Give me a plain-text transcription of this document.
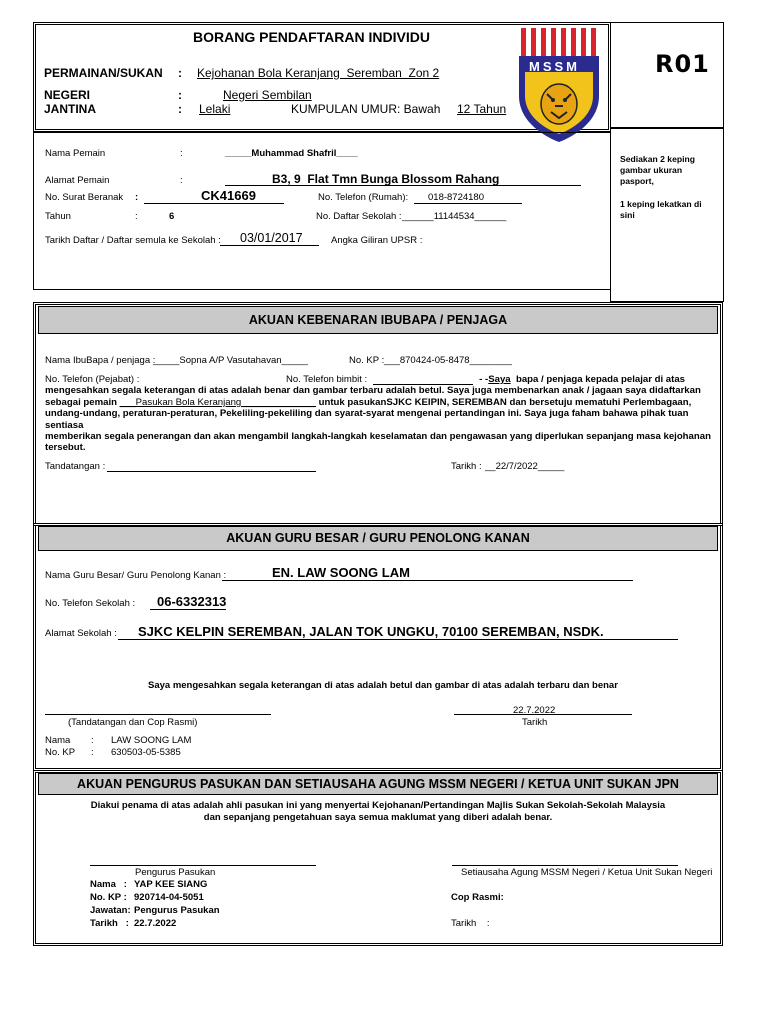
R01
BORANG PENDAFTARAN INDIVIDU
PERMAINAN/SUKAN : Kejohanan Bola Keranjang  Seremban  Zon 2
NEGERI	:	Negeri Sembilan
JANTINA	: Lelaki	KUMPULAN UMUR: Bawah 12 Tahun
MSSM
Sediakan 2 keping gambar ukuran pasport,
1 keping lekatkan di sini
Nama Pemain	:	_____Muhammad Shafril____
Alamat Pemain	:	B3, 9  Flat Tmn Bunga Blossom Rahang
No. Surat Beranak :	CK41669	No. Telefon (Rumah): 018-8724180
Tahun	:	6	No. Daftar Sekolah : ______11144534______
Tarikh Daftar / Daftar semula ke Sekolah : 03/01/2017	Angka Giliran UPSR :
AKUAN KEBENARAN IBUBAPA / PENJAGA
Nama IbuBapa / penjaga :
_____Sopna A/P Vasutahavan_____	No. KP : ___870424-05-8478________
No. Telefon (Pejabat) :	No. Telefon bimbit :	- -Saya  bapa / penjaga kepada pelajar di atas

mengesahkan segala keterangan di atas adalah benar dan gambar terbaru adalah betul. Saya juga membenarkan anak / jagaan saya didaftarkan

sebagai pemain ___Pasukan Bola Keranjang______________ untuk pasukanSJKC KEIPIN, SEREMBAN dan bersetuju mematuhi Perlembagaan,

undang-undang, peraturan-peraturan, Pekeliling-pekeliling dan syarat-syarat mengenai pertandingan ini. Saya juga faham bahawa pihak tuan sentiasa

memberikan segala penerangan dan akan mengambil langkah-langkah keselamatan dan pengawasan yang diperlukan sepanjang masa kejohanan

tersebut.

Tandatangan :	Tarikh : __22/7/2022_____
AKUAN GURU BESAR / GURU PENOLONG KANAN
Nama Guru Besar/ Guru Penolong Kanan :	EN. LAW SOONG LAM
No. Telefon Sekolah : 06-6332313
Alamat Sekolah : SJKC KELPIN SEREMBAN, JALAN TOK UNGKU, 70100 SEREMBAN, NSDK.
Saya mengesahkan segala keterangan di atas adalah betul dan gambar di atas adalah terbaru dan benar
(Tandatangan dan Cop Rasmi)
22.7.2022
Tarikh
Nama : LAW SOONG LAM
No. KP : 630503-05-5385
AKUAN PENGURUS PASUKAN DAN SETIAUSAHA AGUNG MSSM NEGERI / KETUA UNIT SUKAN JPN
Diakui penama di atas adalah ahli pasukan ini yang menyertai Kejohanan/Pertandingan Majlis Sukan Sekolah-Sekolah Malaysia
dan sepanjang pengetahuan saya semua maklumat yang diberi adalah benar.
Pengurus Pasukan
Nama   : YAP KEE SIANG
No. KP : 920714-04-5051
Jawatan: Pengurus Pasukan
Tarikh   : 22.7.2022
Setiausaha Agung MSSM Negeri / Ketua Unit Sukan Negeri
Cop Rasmi:
Tarikh    :
